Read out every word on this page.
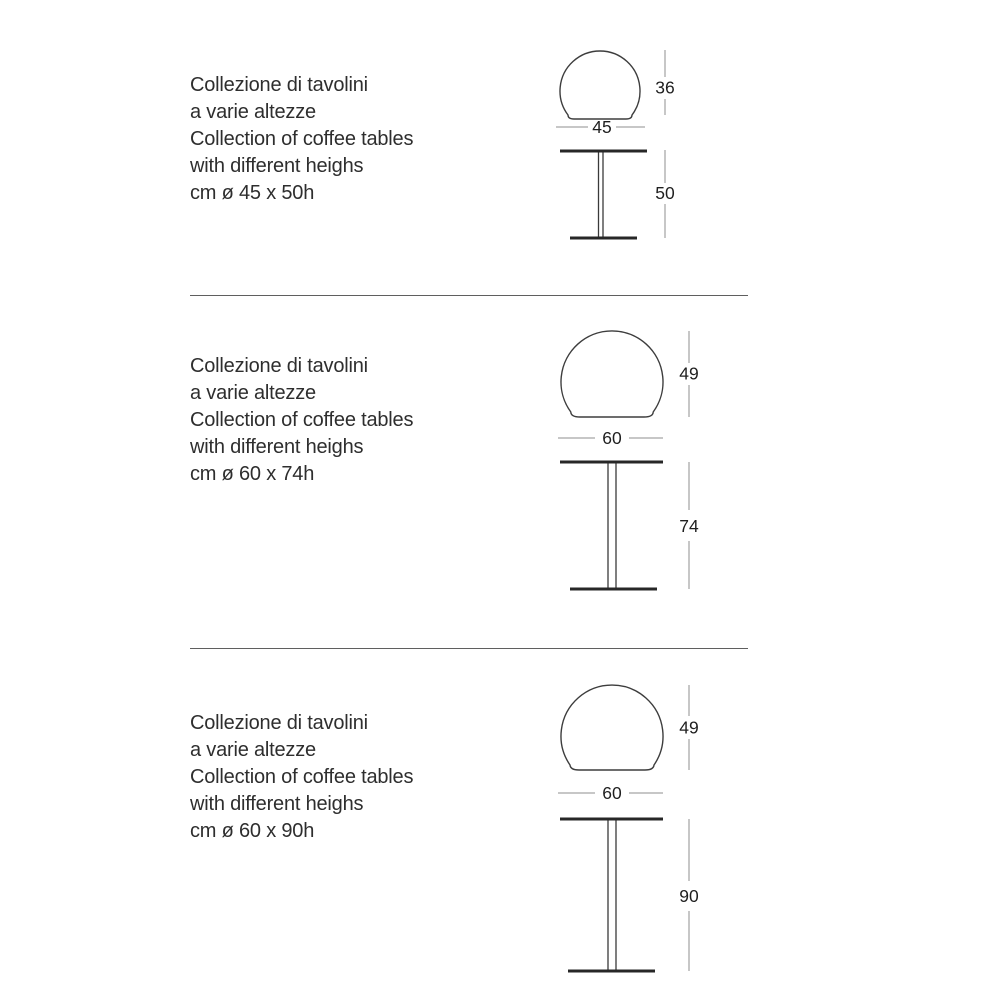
Collezione di tavolini
a varie altezze
Collection of coffee tables
with different heighs
cm ø 45 x 50h
36
45
50
Collezione di tavolini
a varie altezze
Collection of coffee tables
with different heighs
cm ø 60 x 74h
49
60
74
Collezione di tavolini
a varie altezze
Collection of coffee tables
with different heighs
cm ø 60 x 90h
49
60
90
